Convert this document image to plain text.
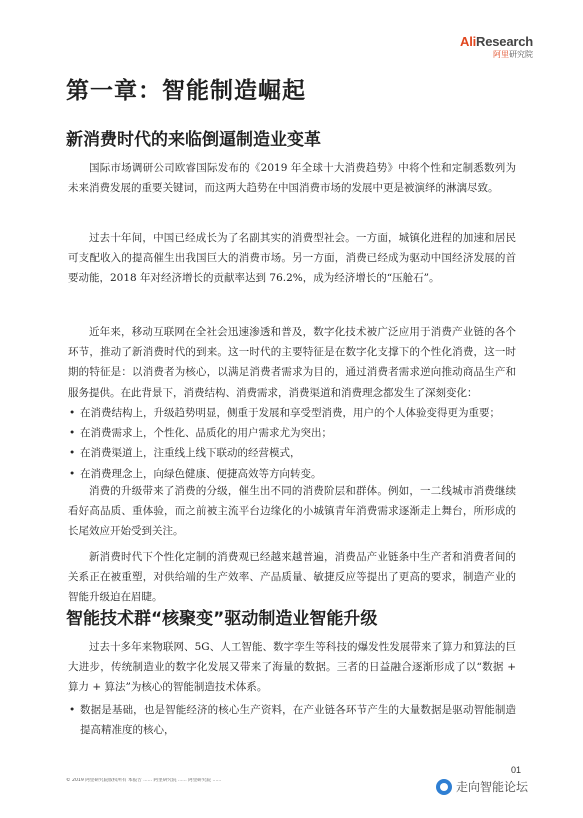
AliResearch
阿里研究院
第一章：智能制造崛起
新消费时代的来临倒逼制造业变革

国际市场调研公司欧睿国际发布的《2019 年全球十大消费趋势》中将个性和定制悉数列为未来消费发展的重要关键词，而这两大趋势在中国消费市场的发展中更是被演绎的淋漓尽致。

过去十年间，中国已经成长为了名副其实的消费型社会。一方面，城镇化进程的加速和居民可支配收入的提高催生出我国巨大的消费市场。另一方面，消费已经成为驱动中国经济发展的首要动能，2018 年对经济增长的贡献率达到 76.2%，成为经济增长的“压舱石”。

近年来，移动互联网在全社会迅速渗透和普及，数字化技术被广泛应用于消费产业链的各个环节，推动了新消费时代的到来。这一时代的主要特征是在数字化支撑下的个性化消费，这一时期的特征是：以消费者为核心，以满足消费者需求为目的，通过消费者需求逆向推动商品生产和服务提供。在此背景下，消费结构、消费需求，消费渠道和消费理念都发生了深刻变化：

• 在消费结构上，升级趋势明显，侧重于发展和享受型消费，用户的个人体验变得更为重要；
• 在消费需求上，个性化、品质化的用户需求尤为突出；
• 在消费渠道上，注重线上线下联动的经营模式，
• 在消费理念上，向绿色健康、便捷高效等方向转变。

消费的升级带来了消费的分级，催生出不同的消费阶层和群体。例如，一二线城市消费继续看好高品质、重体验，而之前被主流平台边缘化的小城镇青年消费需求逐渐走上舞台，所形成的长尾效应开始受到关注。

新消费时代下个性化定制的消费观已经越来越普遍，消费品产业链条中生产者和消费者间的关系正在被重塑，对供给端的生产效率、产品质量、敏捷反应等提出了更高的要求，制造产业的智能升级迫在眉睫。

智能技术群“核聚变”驱动制造业智能升级

过去十多年来物联网、5G、人工智能、数字孪生等科技的爆发性发展带来了算力和算法的巨大进步，传统制造业的数字化发展又带来了海量的数据。三者的日益融合逐渐形成了以“数据 + 算力 + 算法”为核心的智能制造技术体系。

• 数据是基础，也是智能经济的核心生产资料，在产业链各环节产生的大量数据是驱动智能制造提高精准度的核心，
01
© 2019 阿里研究院版权所有 本报告 ...... 阿里研究院 ...... 阿里研究院 ......	走向智能论坛
